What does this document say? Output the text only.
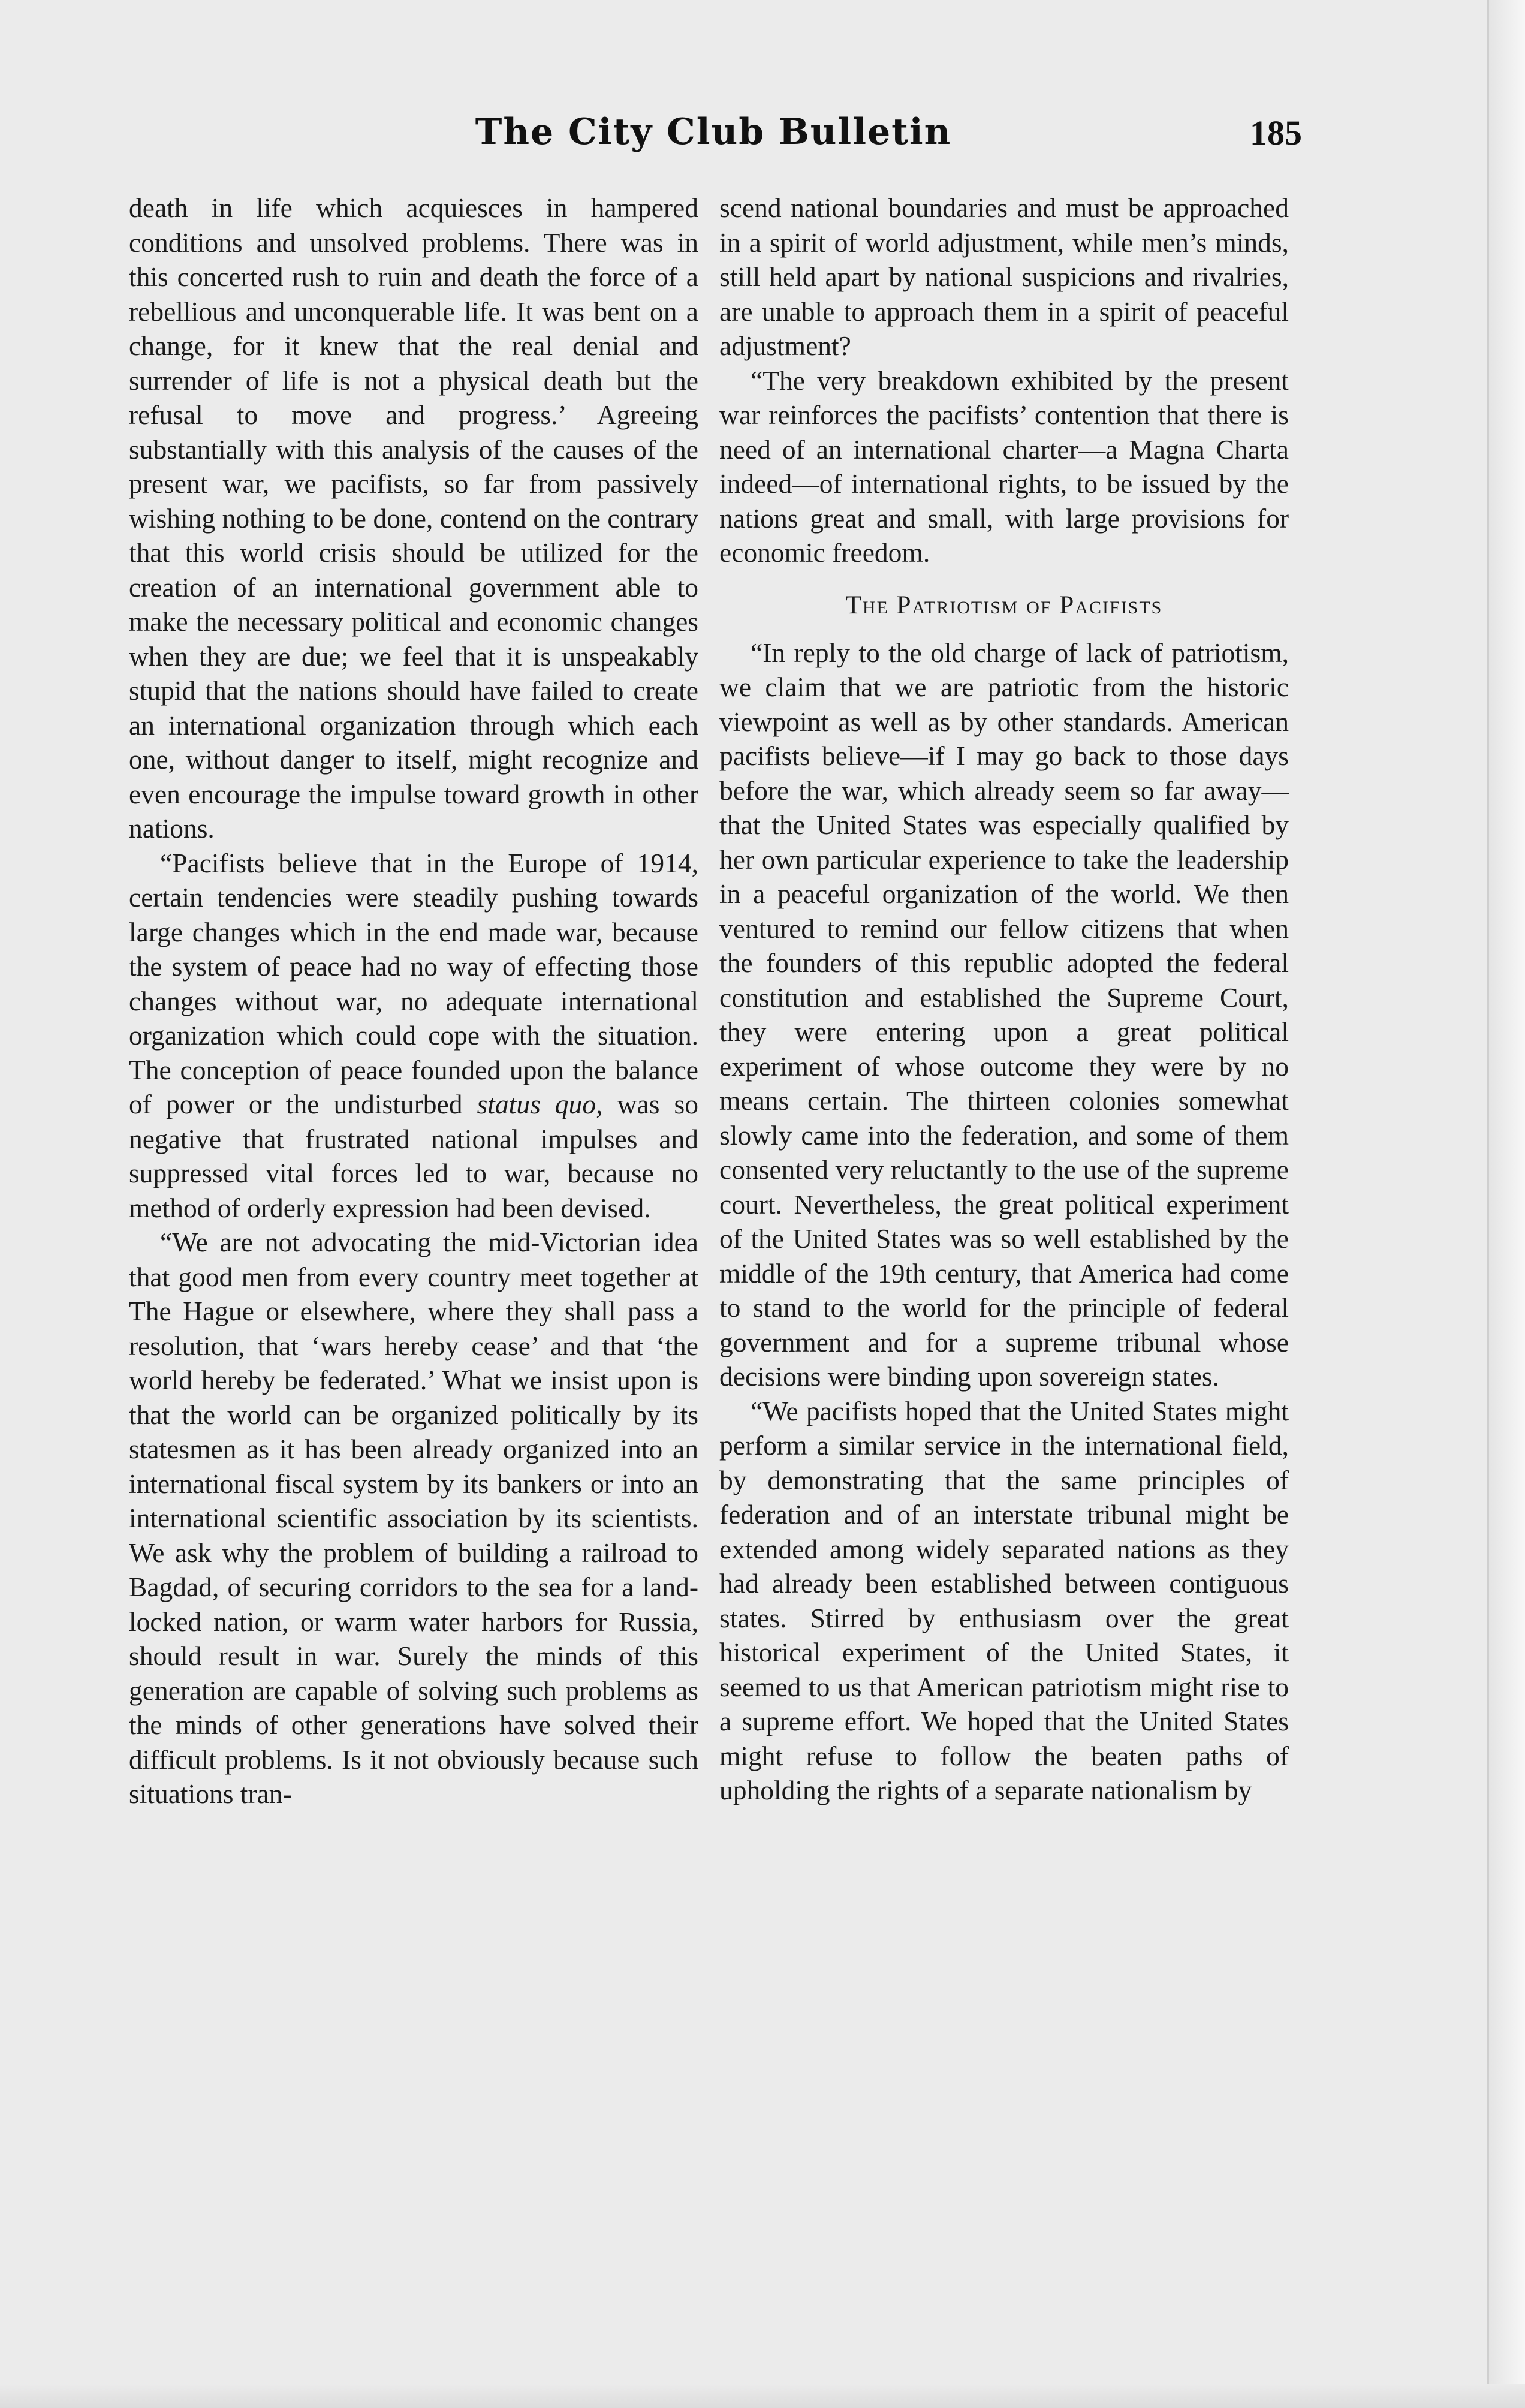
The City Club Bulletin	185

death in life which acquiesces in hampered conditions and unsolved problems. There was in this concerted rush to ruin and death the force of a rebellious and unconquerable life. It was bent on a change, for it knew that the real denial and surrender of life is not a physical death but the refusal to move and progress.’ Agreeing substantially with this analysis of the causes of the present war, we pacifists, so far from passively wishing nothing to be done, contend on the contrary that this world crisis should be utilized for the creation of an international government able to make the necessary political and economic changes when they are due; we feel that it is unspeakably stupid that the nations should have failed to create an international organization through which each one, without danger to itself, might recognize and even encourage the impulse toward growth in other nations.

“Pacifists believe that in the Europe of 1914, certain tendencies were steadily pushing towards large changes which in the end made war, because the system of peace had no way of effecting those changes without war, no adequate international organization which could cope with the situation. The conception of peace founded upon the balance of power or the undisturbed status quo, was so negative that frustrated national impulses and suppressed vital forces led to war, because no method of orderly expression had been devised.

“We are not advocating the mid-Victorian idea that good men from every country meet together at The Hague or elsewhere, where they shall pass a resolution, that ‘wars hereby cease’ and that ‘the world hereby be federated.’ What we insist upon is that the world can be organized politically by its statesmen as it has been already organized into an international fiscal system by its bankers or into an international scientific association by its scientists. We ask why the problem of building a railroad to Bagdad, of securing corridors to the sea for a land-locked nation, or warm water harbors for Russia, should result in war. Surely the minds of this generation are capable of solving such problems as the minds of other generations have solved their difficult problems. Is it not obviously because such situations tran-

scend national boundaries and must be approached in a spirit of world adjustment, while men’s minds, still held apart by national suspicions and rivalries, are unable to approach them in a spirit of peaceful adjustment?

“The very breakdown exhibited by the present war reinforces the pacifists’ contention that there is need of an international charter—a Magna Charta indeed—of international rights, to be issued by the nations great and small, with large provisions for economic freedom.

The Patriotism of Pacifists

“In reply to the old charge of lack of patriotism, we claim that we are patriotic from the historic viewpoint as well as by other standards. American pacifists believe—if I may go back to those days before the war, which already seem so far away—that the United States was especially qualified by her own particular experience to take the leadership in a peaceful organization of the world. We then ventured to remind our fellow citizens that when the founders of this republic adopted the federal constitution and established the Supreme Court, they were entering upon a great political experiment of whose outcome they were by no means certain. The thirteen colonies somewhat slowly came into the federation, and some of them consented very reluctantly to the use of the supreme court. Nevertheless, the great political experiment of the United States was so well established by the middle of the 19th century, that America had come to stand to the world for the principle of federal government and for a supreme tribunal whose decisions were binding upon sovereign states.

“We pacifists hoped that the United States might perform a similar service in the international field, by demonstrating that the same principles of federation and of an interstate tribunal might be extended among widely separated nations as they had already been established between contiguous states. Stirred by enthusiasm over the great historical experiment of the United States, it seemed to us that American patriotism might rise to a supreme effort. We hoped that the United States might refuse to follow the beaten paths of upholding the rights of a separate nationalism by
